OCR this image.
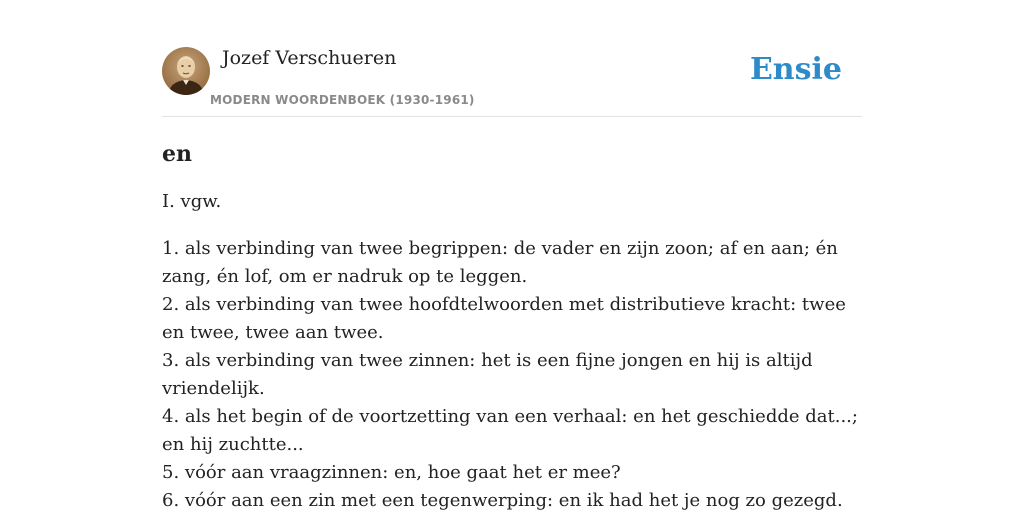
Jozef Verschueren
MODERN WOORDENBOEK (1930-1961)
Ensie
en

I. vgw.

1. als verbinding van twee begrippen: de vader en zijn zoon; af en aan; én zang, én lof, om er nadruk op te leggen.
2. als verbinding van twee hoofdtelwoorden met distributieve kracht: twee en twee, twee aan twee.
3. als verbinding van twee zinnen: het is een fijne jongen en hij is altijd vriendelijk.
4. als het begin of de voortzetting van een verhaal: en het geschiedde dat...; en hij zuchtte...
5. vóór aan vraagzinnen: en, hoe gaat het er mee?
6. vóór aan een zin met een tegenwerping: en ik had het je nog zo gezegd.
